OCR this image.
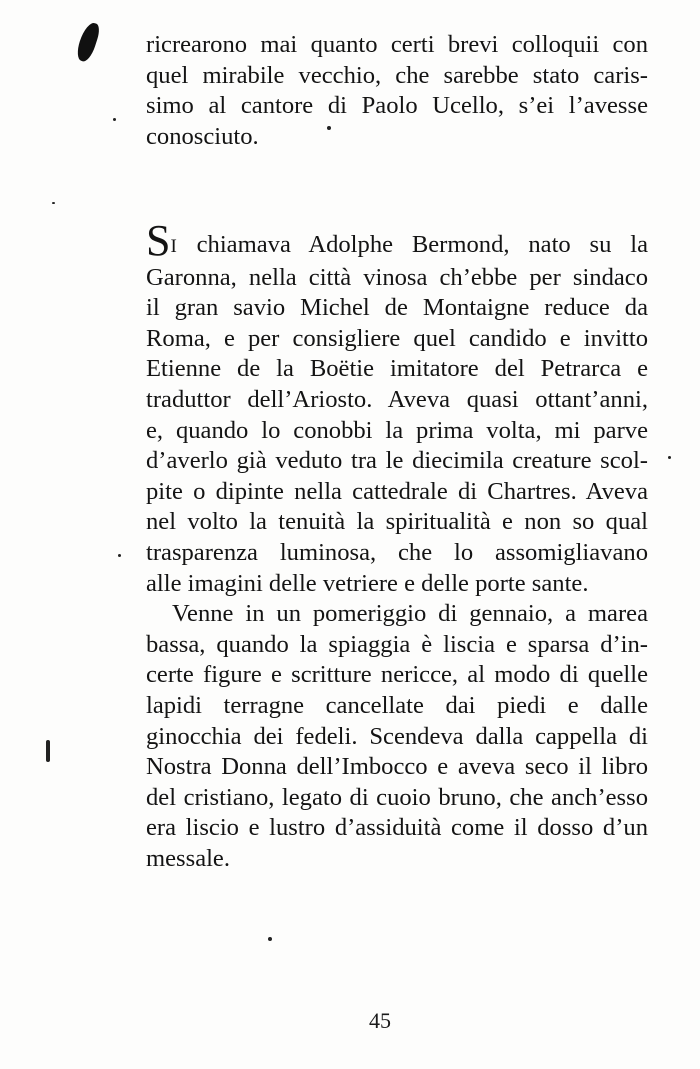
ricrearono mai quanto certi brevi colloquii con
quel mirabile vecchio, che sarebbe stato caris‐
simo al cantore di Paolo Ucello, s’ei l’avesse
conosciuto.
SI chiamava Adolphe Bermond, nato su la
Garonna, nella città vinosa ch’ebbe per sindaco
il gran savio Michel de Montaigne reduce da
Roma, e per consigliere quel candido e invitto
Etienne de la Boëtie imitatore del Petrarca e
traduttor dell’Ariosto. Aveva quasi ottant’anni,
e, quando lo conobbi la prima volta, mi parve
d’averlo già veduto tra le diecimila creature scol‐
pite o dipinte nella cattedrale di Chartres. Aveva
nel volto la tenuità la spiritualità e non so qual
trasparenza luminosa, che lo assomigliavano
alle imagini delle vetriere e delle porte sante.
Venne in un pomeriggio di gennaio, a marea
bassa, quando la spiaggia è liscia e sparsa d’in‐
certe figure e scritture nericce, al modo di quelle
lapidi terragne cancellate dai piedi e dalle
ginocchia dei fedeli. Scendeva dalla cappella di
Nostra Donna dell’Imbocco e aveva seco il libro
del cristiano, legato di cuoio bruno, che anch’esso
era liscio e lustro d’assiduità come il dosso d’un
messale.
45
